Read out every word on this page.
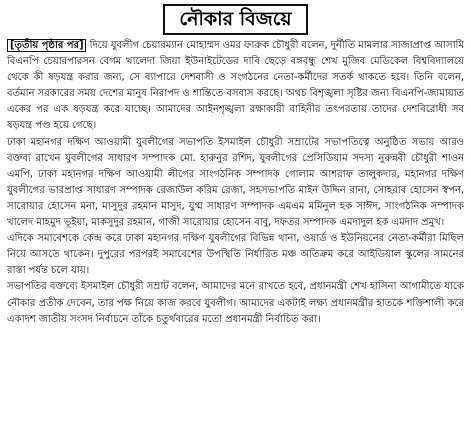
নৌকার বিজয়ে

[তৃতীয় পৃষ্ঠার পর] দিয়ে যুবলীগ চেয়ারম্যান মোহাম্মদ ওমর ফারুক চৌধুরী বলেন, দুর্নীতি মামলার সাজাপ্রাপ্ত আসামি বিএনপি চেয়ারপারসন বেগম খালেদা জিয়া ইউনাইটেডের দাবি ছেড়ে বঙ্গবন্ধু শেখ মুজিব মেডিকেল বিশ্ববিদ্যালয়ে থেকে কী ষড়যন্ত্র করার জন্য, সে ব্যাপারে দেশবাসী ও সংগঠনের নেতা-কর্মীদের সতর্ক থাকতে হবে। তিনি বলেন, বর্তমান সরকারের সময় দেশের মানুষ নিরাপদ ও শান্তিতে বসবাস করছে। অথচ বিশৃঙ্খলা সৃষ্টির জন্য বিএনপি-জামায়াত একের পর এক ষড়যন্ত্র করে যাচ্ছে। আমাদের আইনশৃঙ্খলা রক্ষাকারী বাহিনীর তৎপরতায় তাদের দেশবিরোধী সব ষড়যন্ত্র পণ্ড হয়ে গেছে।

ঢাকা মহানগর দক্ষিণ আওয়ামী যুবলীগের সভাপতি ইসমাইল চৌধুরী সম্রাটের সভাপতিত্বে অনুষ্ঠিত সভায় আরও বক্তব্য রাখেন যুবলীগের সাধারণ সম্পাদক মো. হারুনুর রশিদ, যুবলীগের প্রেসিডিয়াম সদস্য নুরুন্নবী চৌধুরী শাওন এমপি, ঢাকা মহানগর দক্ষিণ আওয়ামী লীগের সাংগঠনিক সম্পাদক গোলাম আশরাফ তালুকদার, মহানগর দক্ষিণ যুবলীগের ভারপ্রাপ্ত সাধারণ সম্পাদক রেজাউল করিম রেজা, সহসভাপতি মাইন উদ্দিন রানা, সোহরাব হোসেন স্বপন, সারোয়ার হোসেন মনা, মাসুদুর রহমান মাসুদ, যুগ্ম সাধারণ সম্পাদক এমএম মমিনুল হক সাঈদ, সাংগঠনিক সম্পাদক খালেদ মাহমুদ ভূইয়া, মাকসুদুর রহমান, গাজী সারোয়ার হোসেন বাবু, দফতর সম্পাদক এমদাদুল হক এমদাদ প্রমুখ।

এদিকে সমাবেশকে কেন্দ্র করে ঢাকা মহানগর দক্ষিণ যুবলীগের বিভিন্ন থানা, ওয়ার্ড ও ইউনিয়নের নেতা-কর্মীরা মিছিল নিয়ে আসতে থাকেন। দুপুরের পরপরই সমাবেশের উপস্থিতি নির্ধারিত মঞ্চ অতিক্রম করে আইডিয়াল স্কুলের সামনের রাস্তা পর্যন্ত চলে যায়।

সভাপতির বক্তব্যে ইসমাইল চৌধুরী সম্রাট বলেন, আমাদের মনে রাখতে হবে, প্রধানমন্ত্রী শেখ হাসিনা আগামীতে যাকে নৌকার প্রতীক দেবেন, তার পক্ষ নিয়ে কাজ করবে যুবলীগ। আমাদের একটাই লক্ষ্য প্রধানমন্ত্রীর হাতকে শক্তিশালী করে একাদশ জাতীয় সংসদ নির্বাচনে তাঁকে চতুর্থবারের মতো প্রধানমন্ত্রী নির্বাচিত করা।
